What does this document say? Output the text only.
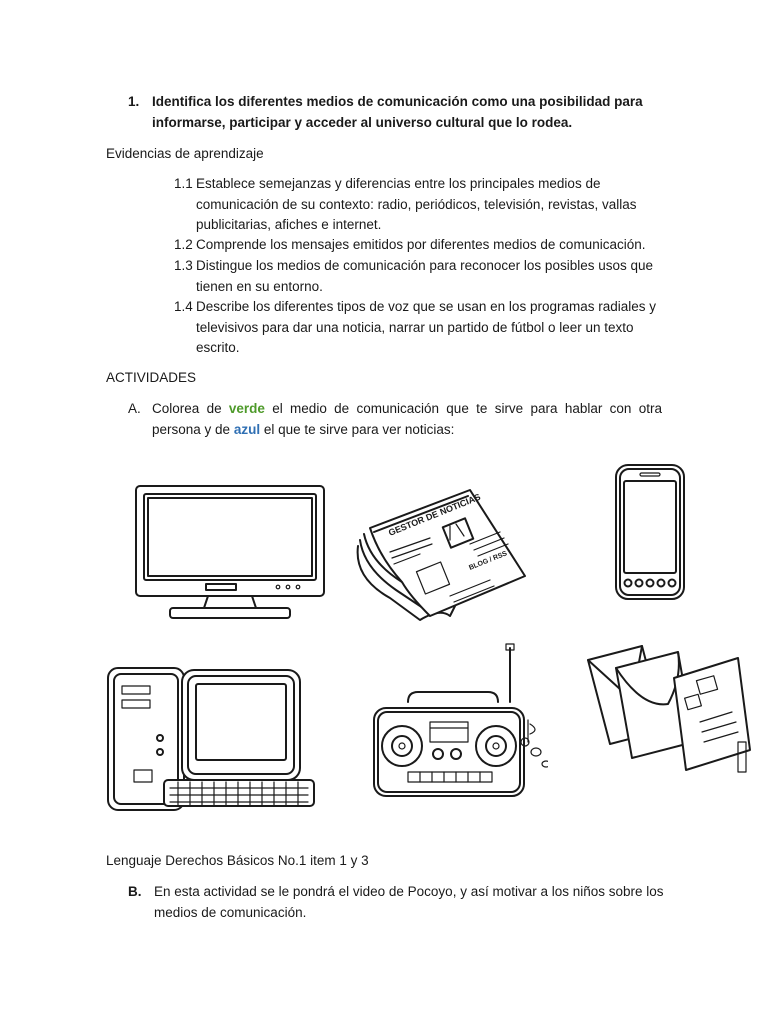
1. Identifica los diferentes medios de comunicación como una posibilidad para informarse, participar y acceder al universo cultural que lo rodea.
Evidencias de aprendizaje
1.1 Establece semejanzas y diferencias entre los principales medios de comunicación de su contexto: radio, periódicos, televisión, revistas, vallas publicitarias, afiches e internet.
1.2 Comprende los mensajes emitidos por diferentes medios de comunicación.
1.3 Distingue los medios de comunicación para reconocer los posibles usos que tienen en su entorno.
1.4 Describe los diferentes tipos de voz que se usan en los programas radiales y televisivos para dar una noticia, narrar un partido de fútbol o leer un texto escrito.
ACTIVIDADES
A. Colorea de verde el medio de comunicación que te sirve para hablar con otra persona y de azul el que te sirve para ver noticias:
GESTOR DE NOTICIAS
BLOG / RSS
Lenguaje Derechos Básicos No.1 item 1 y 3
B. En esta actividad se le pondrá el video de Pocoyo, y así motivar a los niños sobre los medios de comunicación.
